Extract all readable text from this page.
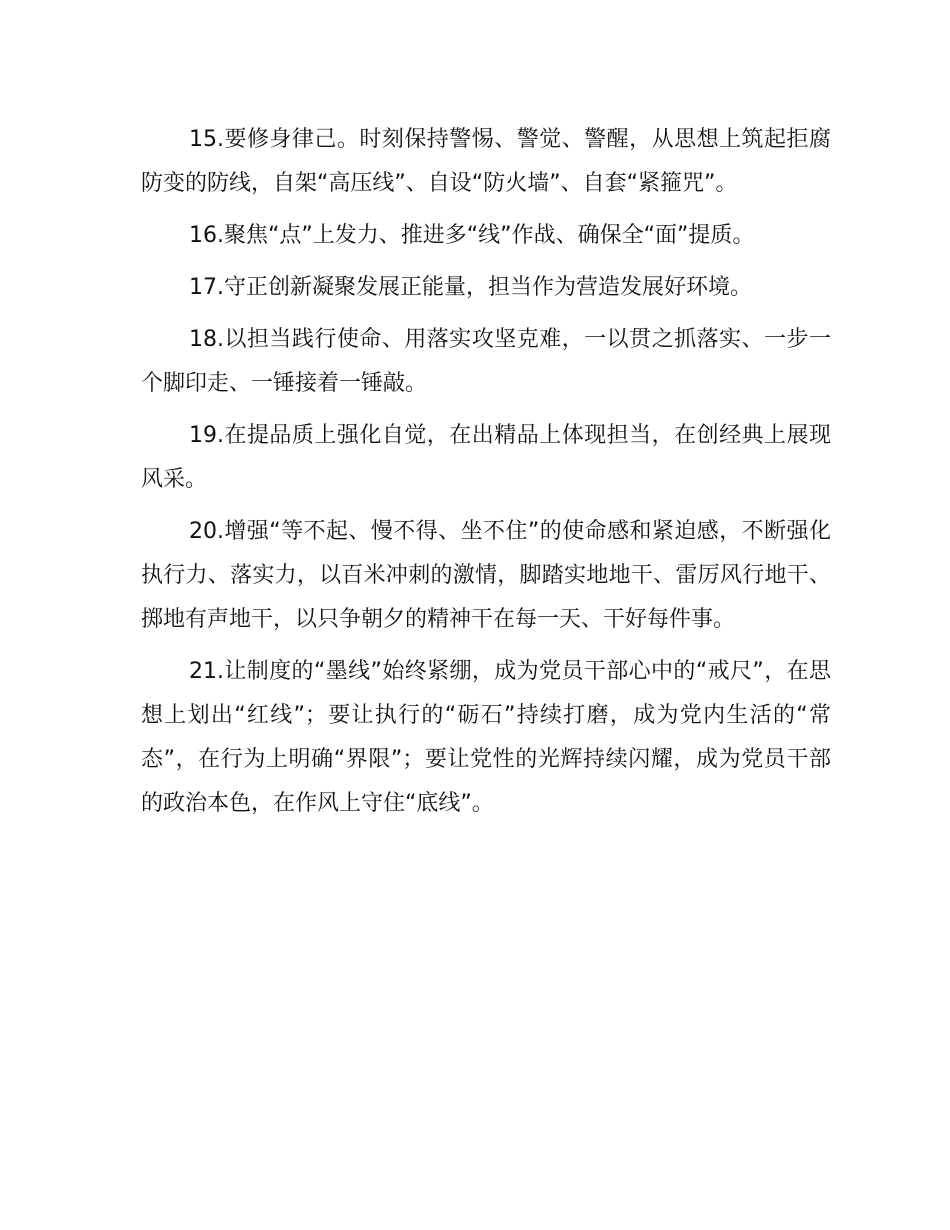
15.要修身律己。时刻保持警惕、警觉、警醒，从思想上筑起拒腐防变的防线，自架“高压线”、自设“防火墙”、自套“紧箍咒”。

16.聚焦“点”上发力、推进多“线”作战、确保全“面”提质。

17.守正创新凝聚发展正能量，担当作为营造发展好环境。

18.以担当践行使命、用落实攻坚克难，一以贯之抓落实、一步一个脚印走、一锤接着一锤敲。

19.在提品质上强化自觉，在出精品上体现担当，在创经典上展现风采。

20.增强“等不起、慢不得、坐不住”的使命感和紧迫感，不断强化执行力、落实力，以百米冲刺的激情，脚踏实地地干、雷厉风行地干、掷地有声地干，以只争朝夕的精神干在每一天、干好每件事。

21.让制度的“墨线”始终紧绷，成为党员干部心中的“戒尺”，在思想上划出“红线”；要让执行的“砺石”持续打磨，成为党内生活的“常态”，在行为上明确“界限”；要让党性的光辉持续闪耀，成为党员干部的政治本色，在作风上守住“底线”。
